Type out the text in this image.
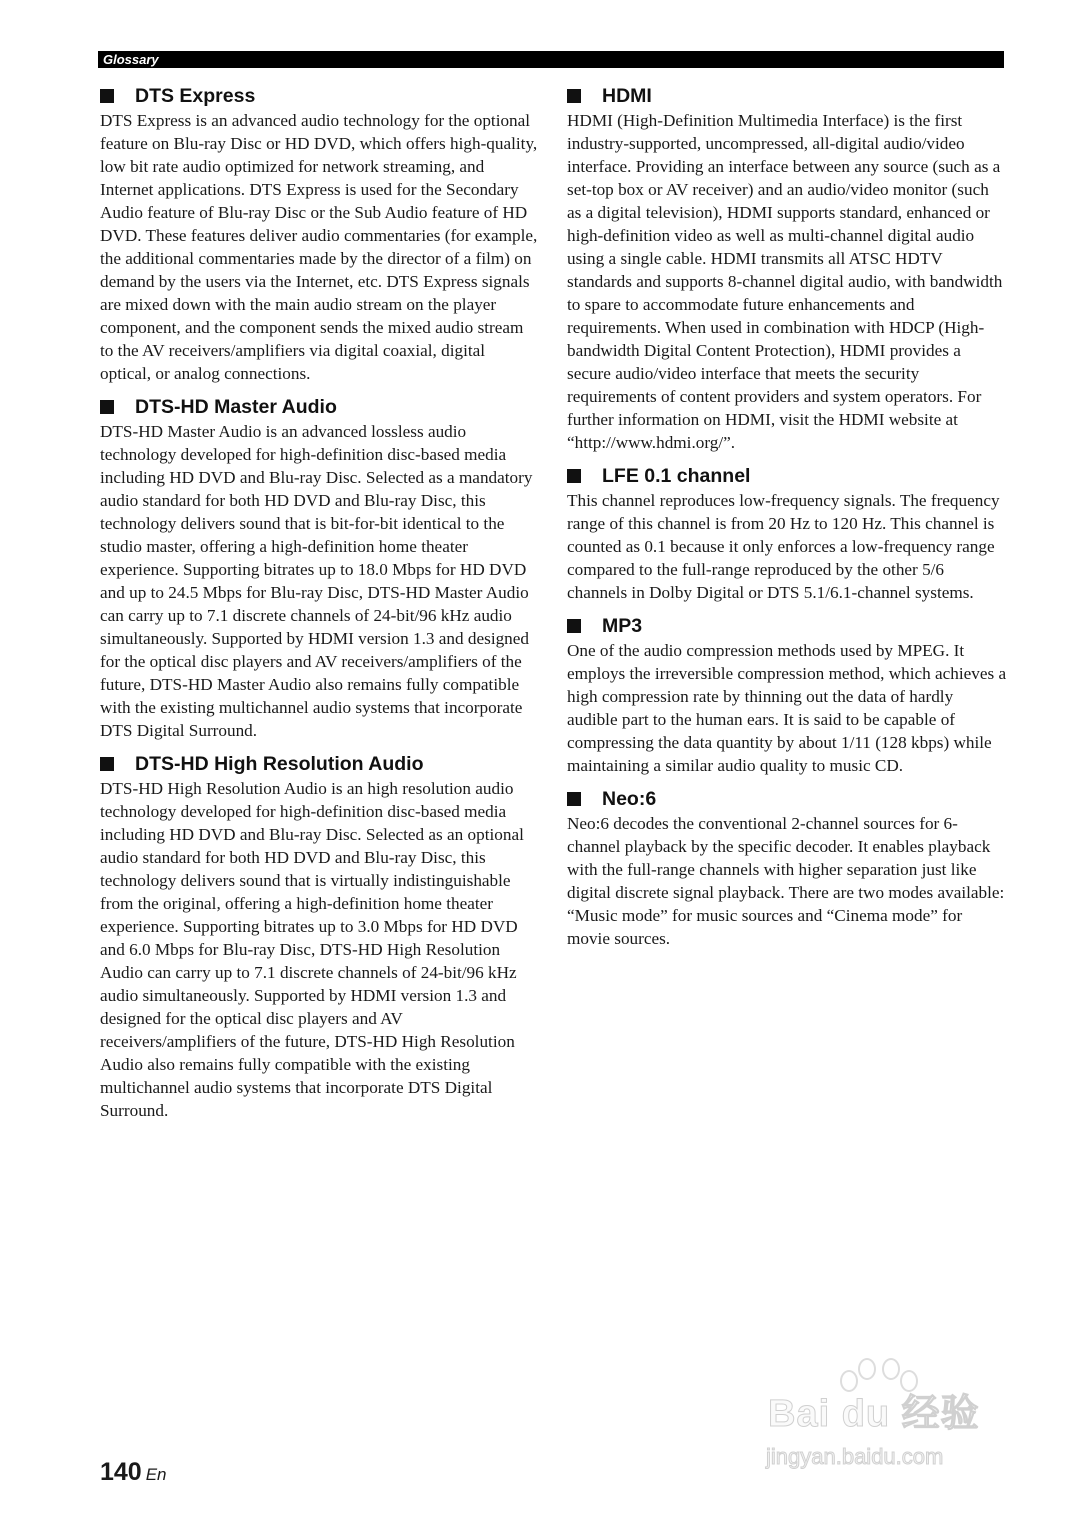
Glossary
DTS Express

DTS Express is an advanced audio technology for the optional feature on Blu-ray Disc or HD DVD, which offers high-quality, low bit rate audio optimized for network streaming, and Internet applications. DTS Express is used for the Secondary Audio feature of Blu-ray Disc or the Sub Audio feature of HD DVD. These features deliver audio commentaries (for example, the additional commentaries made by the director of a film) on demand by the users via the Internet, etc. DTS Express signals are mixed down with the main audio stream on the player component, and the component sends the mixed audio stream to the AV receivers/amplifiers via digital coaxial, digital optical, or analog connections.

DTS-HD Master Audio

DTS-HD Master Audio is an advanced lossless audio technology developed for high-definition disc-based media including HD DVD and Blu-ray Disc. Selected as a mandatory audio standard for both HD DVD and Blu-ray Disc, this technology delivers sound that is bit-for-bit identical to the studio master, offering a high-definition home theater experience. Supporting bitrates up to 18.0 Mbps for HD DVD and up to 24.5 Mbps for Blu-ray Disc, DTS-HD Master Audio can carry up to 7.1 discrete channels of 24-bit/96 kHz audio simultaneously. Supported by HDMI version 1.3 and designed for the optical disc players and AV receivers/amplifiers of the future, DTS-HD Master Audio also remains fully compatible with the existing multichannel audio systems that incorporate DTS Digital Surround.

DTS-HD High Resolution Audio

DTS-HD High Resolution Audio is an high resolution audio technology developed for high-definition disc-based media including HD DVD and Blu-ray Disc. Selected as an optional audio standard for both HD DVD and Blu-ray Disc, this technology delivers sound that is virtually indistinguishable from the original, offering a high-definition home theater experience. Supporting bitrates up to 3.0 Mbps for HD DVD and 6.0 Mbps for Blu-ray Disc, DTS-HD High Resolution Audio can carry up to 7.1 discrete channels of 24-bit/96 kHz audio simultaneously. Supported by HDMI version 1.3 and designed for the optical disc players and AV receivers/amplifiers of the future, DTS-HD High Resolution Audio also remains fully compatible with the existing multichannel audio systems that incorporate DTS Digital Surround.

HDMI

HDMI (High-Definition Multimedia Interface) is the first industry-supported, uncompressed, all-digital audio/video interface. Providing an interface between any source (such as a set-top box or AV receiver) and an audio/video monitor (such as a digital television), HDMI supports standard, enhanced or high-definition video as well as multi-channel digital audio using a single cable. HDMI transmits all ATSC HDTV standards and supports 8-channel digital audio, with bandwidth to spare to accommodate future enhancements and requirements. When used in combination with HDCP (High-bandwidth Digital Content Protection), HDMI provides a secure audio/video interface that meets the security requirements of content providers and system operators. For further information on HDMI, visit the HDMI website at “http://www.hdmi.org/”.

LFE 0.1 channel

This channel reproduces low-frequency signals. The frequency range of this channel is from 20 Hz to 120 Hz. This channel is counted as 0.1 because it only enforces a low-frequency range compared to the full-range reproduced by the other 5/6 channels in Dolby Digital or DTS 5.1/6.1-channel systems.

MP3

One of the audio compression methods used by MPEG. It employs the irreversible compression method, which achieves a high compression rate by thinning out the data of hardly audible part to the human ears. It is said to be capable of compressing the data quantity by about 1/11 (128 kbps) while maintaining a similar audio quality to music CD.

Neo:6

Neo:6 decodes the conventional 2-channel sources for 6-channel playback by the specific decoder. It enables playback with the full-range channels with higher separation just like digital discrete signal playback. There are two modes available: “Music mode” for music sources and “Cinema mode” for movie sources.

Bai du 经验
jingyan.baidu.com
140 En
